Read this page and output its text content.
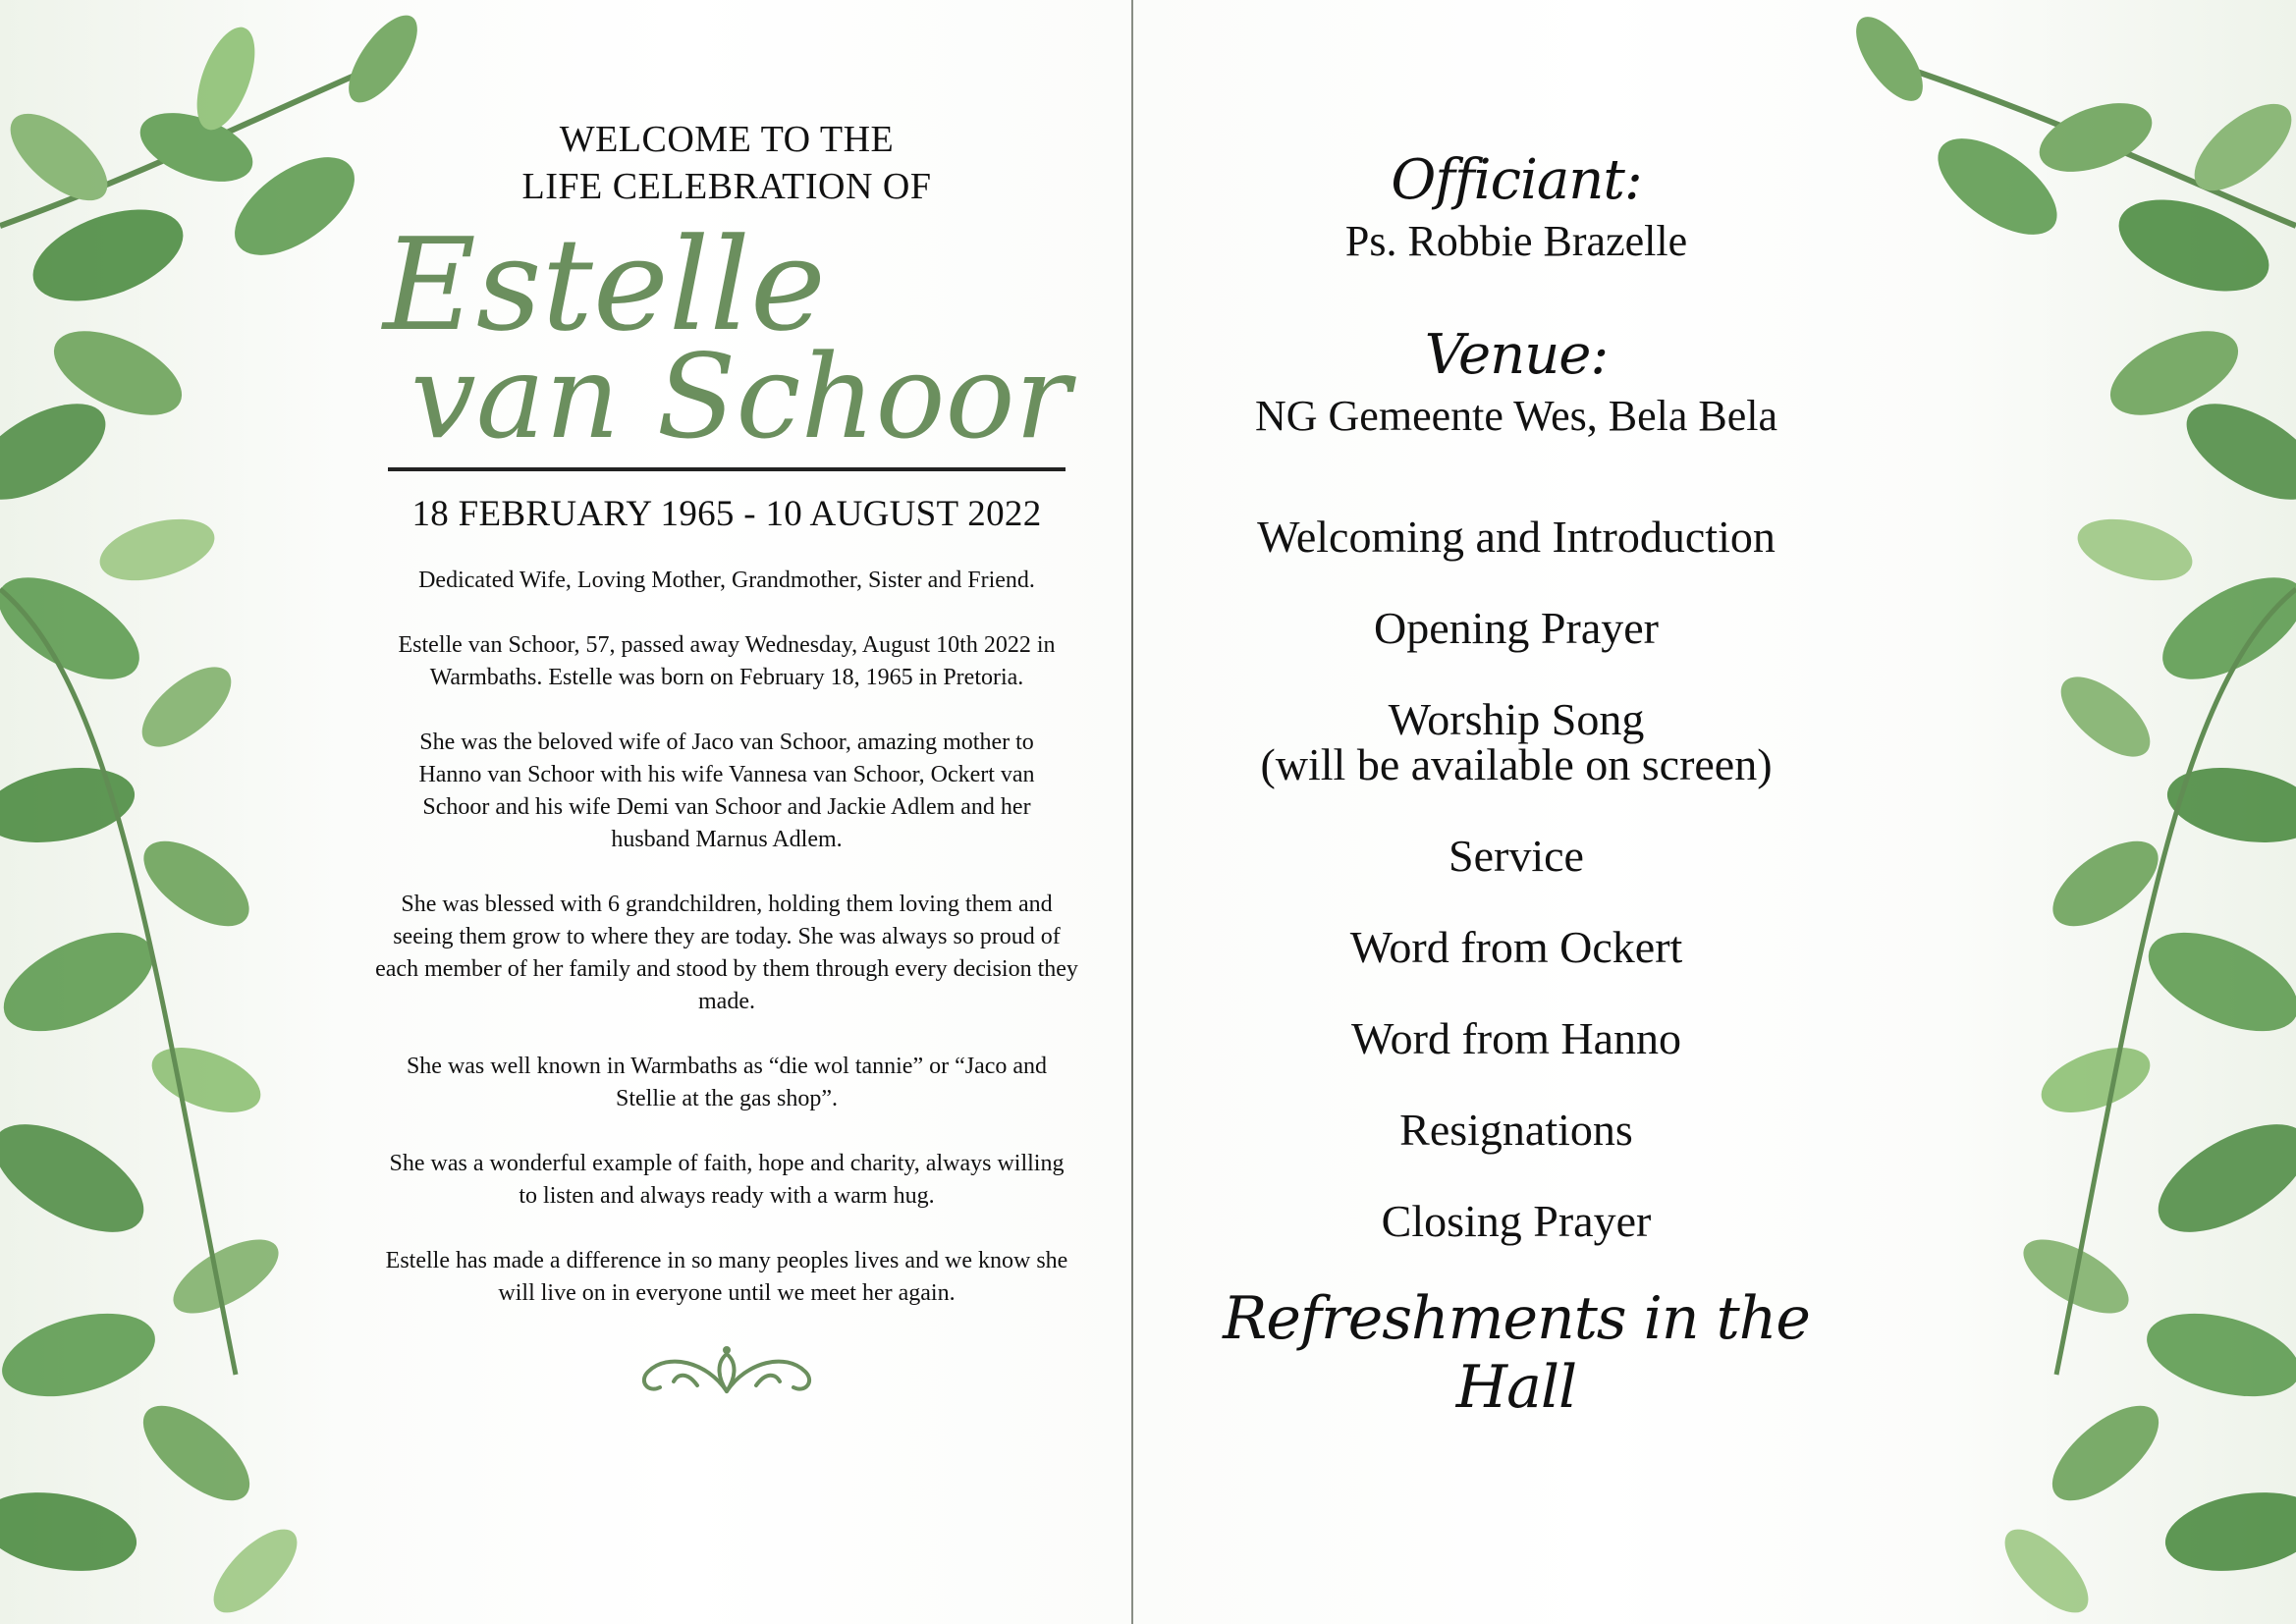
WELCOME TO THE
LIFE CELEBRATION OF
Estelle
van Schoor
18 FEBRUARY 1965 - 10 AUGUST 2022
Dedicated Wife, Loving Mother, Grandmother, Sister and Friend.
Estelle van Schoor, 57, passed away Wednesday, August 10th 2022 in Warmbaths. Estelle was born on February 18, 1965 in Pretoria.
She was the beloved wife of Jaco van Schoor, amazing mother to Hanno van Schoor with his wife Vannesa van Schoor, Ockert van Schoor and his wife Demi van Schoor and Jackie Adlem and her husband Marnus Adlem.
She was blessed with 6 grandchildren, holding them loving them and seeing them grow to where they are today. She was always so proud of each member of her family and stood by them through every decision they made.
She was well known in Warmbaths as “die wol tannie” or “Jaco and Stellie at the gas shop”.
She was a wonderful example of faith, hope and charity, always willing to listen and always ready with a warm hug.
Estelle has made a difference in so many peoples lives and we know she will live on in everyone until we meet her again.
Officiant:
Ps. Robbie Brazelle
Venue:
NG Gemeente Wes, Bela Bela
Welcoming and Introduction
Opening Prayer
Worship Song
(will be available on screen)
Service
Word from Ockert
Word from Hanno
Resignations
Closing Prayer
Refreshments in the Hall
